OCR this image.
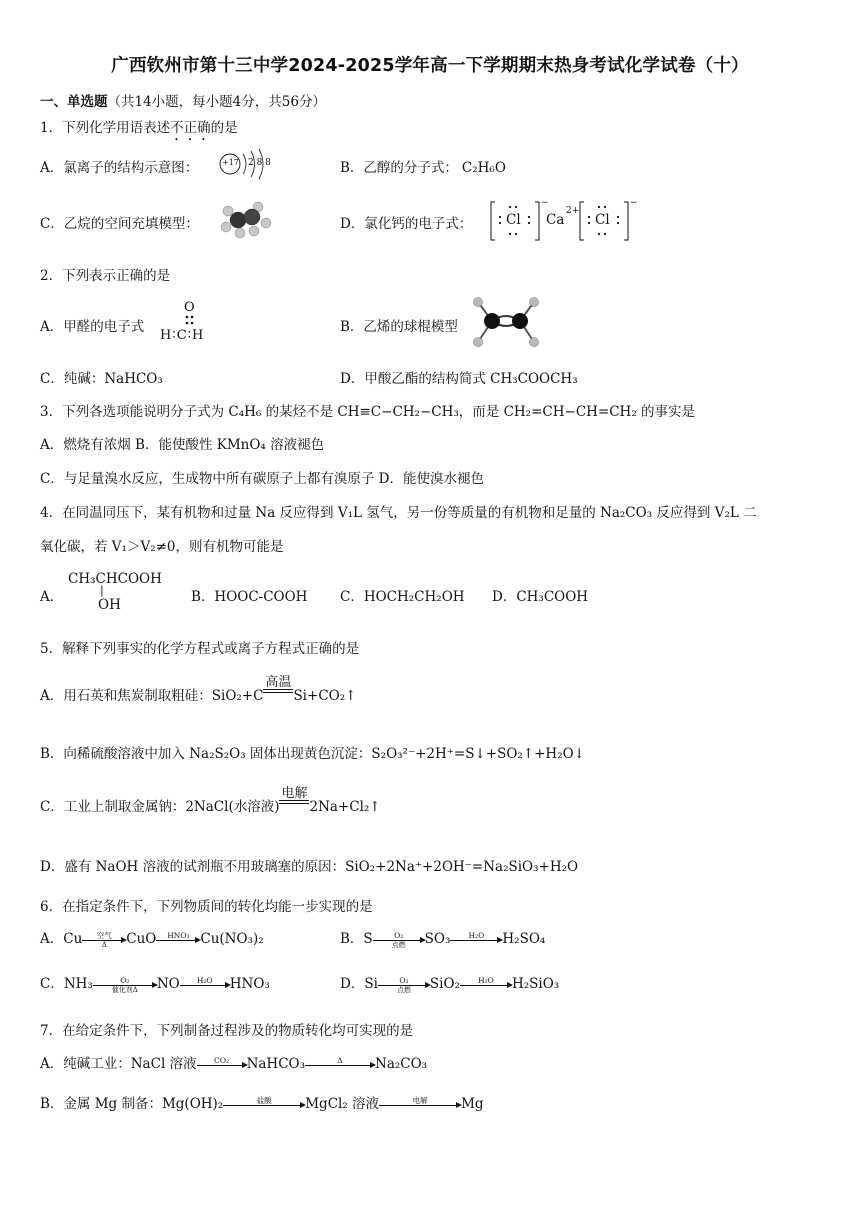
广西钦州市第十三中学2024-2025学年高一下学期期末热身考试化学试卷（十）
一、单选题（共14小题，每小题4分，共56分）
1．下列化学用语表述不正确的是
A．氯离子的结构示意图：	+17 2 8 8	B．乙醇的分子式： C₂H₆O
C．乙烷的空间充填模型：	D．氯化钙的电子式： Cl
−
Ca
2+
Cl
−
2．下列表示正确的是
A．甲醛的电子式
O
H∶C∶H
B．乙烯的球棍模型
C．纯碱：NaHCO₃	D．甲酸乙酯的结构简式 CH₃COOCH₃
3．下列各选项能说明分子式为 C₄H₆ 的某烃不是 CH≡C−CH₂−CH₃，而是 CH₂=CH−CH=CH₂ 的事实是
A．燃烧有浓烟 B．能使酸性 KMnO₄ 溶液褪色
C．与足量溴水反应，生成物中所有碳原子上都有溴原子 D．能使溴水褪色
4．在同温同压下，某有机物和过量 Na 反应得到 V₁L 氢气，另一份等质量的有机物和足量的 Na₂CO₃ 反应得到 V₂L 二
氧化碳，若 V₁＞V₂≠0，则有机物可能是
A．
CH₃CHCOOH
|
OH	B．HOOC-COOH C．HOCH₂CH₂OH D．CH₃COOH
5．解释下列事实的化学方程式或离子方程式正确的是
A．用石英和焦炭制取粗硅：SiO₂+C
高温
Si+CO₂↑
B．向稀硫酸溶液中加入 Na₂S₂O₃ 固体出现黄色沉淀：S₂O₃²⁻+2H⁺=S↓+SO₂↑+H₂O↓
C．工业上制取金属钠：2NaCl(水溶液)
电解
2Na+Cl₂↑
D．盛有 NaOH 溶液的试剂瓶不用玻璃塞的原因：SiO₂+2Na⁺+2OH⁻=Na₂SiO₃+H₂O
6．在指定条件下，下列物质间的转化均能一步实现的是
A．Cu	空气
Δ	CuO	HNO₃ Cu(NO₃)₂	B．S	O₂
点燃	SO₃	H₂O	H₂SO₄
C．NH₃	O₂
催化剂Δ	NO	H₂O	HNO₃	D．Si	O₂
点燃	SiO₂	H₂O	H₂SiO₃
7．在给定条件下，下列制备过程涉及的物质转化均可实现的是
A．纯碱工业：NaCl 溶液	CO₂	NaHCO₃	Δ	Na₂CO₃
B．金属 Mg 制备：Mg(OH)₂	盐酸	MgCl₂ 溶液	电解	Mg
